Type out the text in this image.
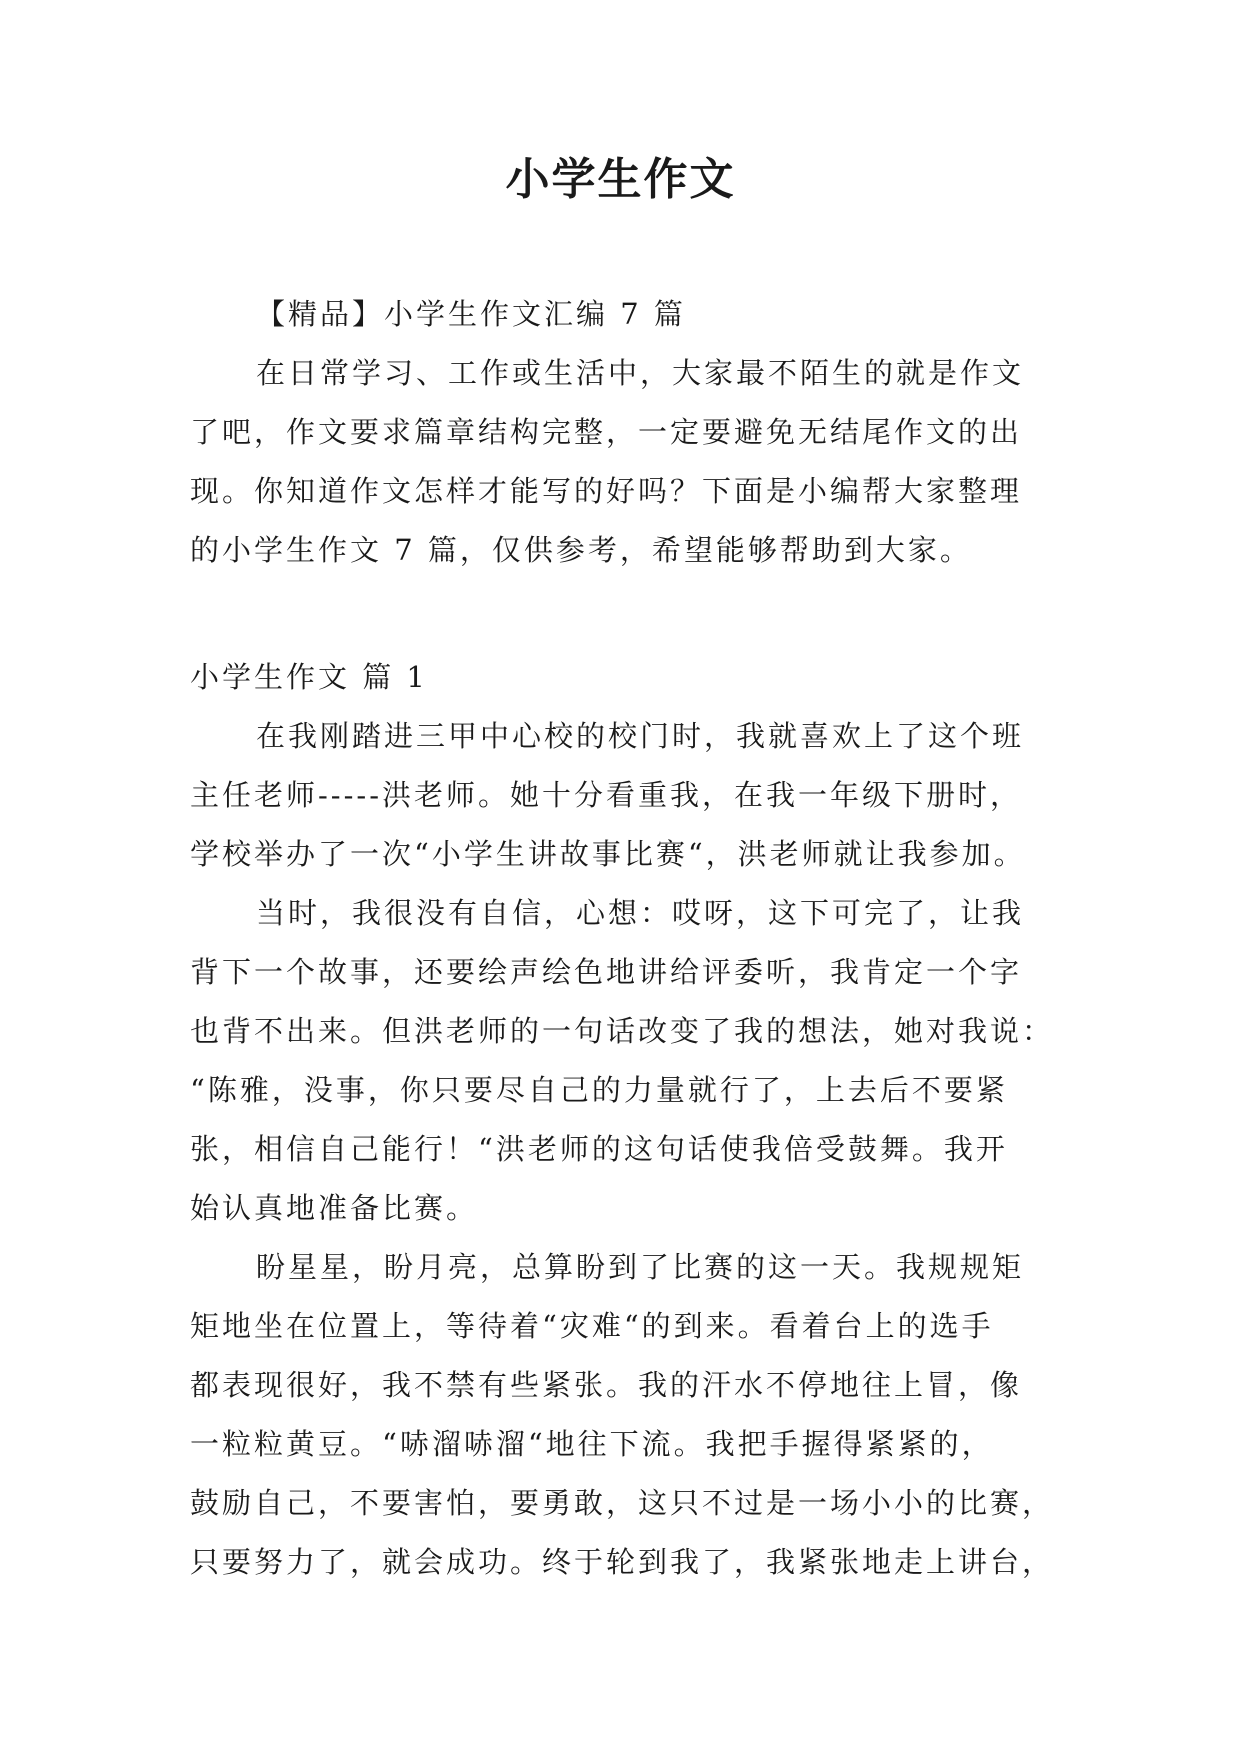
小学生作文
【精品】小学生作文汇编 7 篇
在日常学习、工作或生活中，大家最不陌生的就是作文
了吧，作文要求篇章结构完整，一定要避免无结尾作文的出
现。你知道作文怎样才能写的好吗？下面是小编帮大家整理
的小学生作文 7 篇，仅供参考，希望能够帮助到大家。
小学生作文 篇 1
在我刚踏进三甲中心校的校门时，我就喜欢上了这个班
主任老师-----洪老师。她十分看重我，在我一年级下册时，
学校举办了一次“小学生讲故事比赛“，洪老师就让我参加。
当时，我很没有自信，心想：哎呀，这下可完了，让我
背下一个故事，还要绘声绘色地讲给评委听，我肯定一个字
也背不出来。但洪老师的一句话改变了我的想法，她对我说：
“陈雅，没事，你只要尽自己的力量就行了，上去后不要紧
张，相信自己能行！“洪老师的这句话使我倍受鼓舞。我开
始认真地准备比赛。
盼星星，盼月亮，总算盼到了比赛的这一天。我规规矩
矩地坐在位置上，等待着“灾难“的到来。看着台上的选手
都表现很好，我不禁有些紧张。我的汗水不停地往上冒，像
一粒粒黄豆。“哧溜哧溜“地往下流。我把手握得紧紧的，
鼓励自己，不要害怕，要勇敢，这只不过是一场小小的比赛，
只要努力了，就会成功。终于轮到我了，我紧张地走上讲台，
